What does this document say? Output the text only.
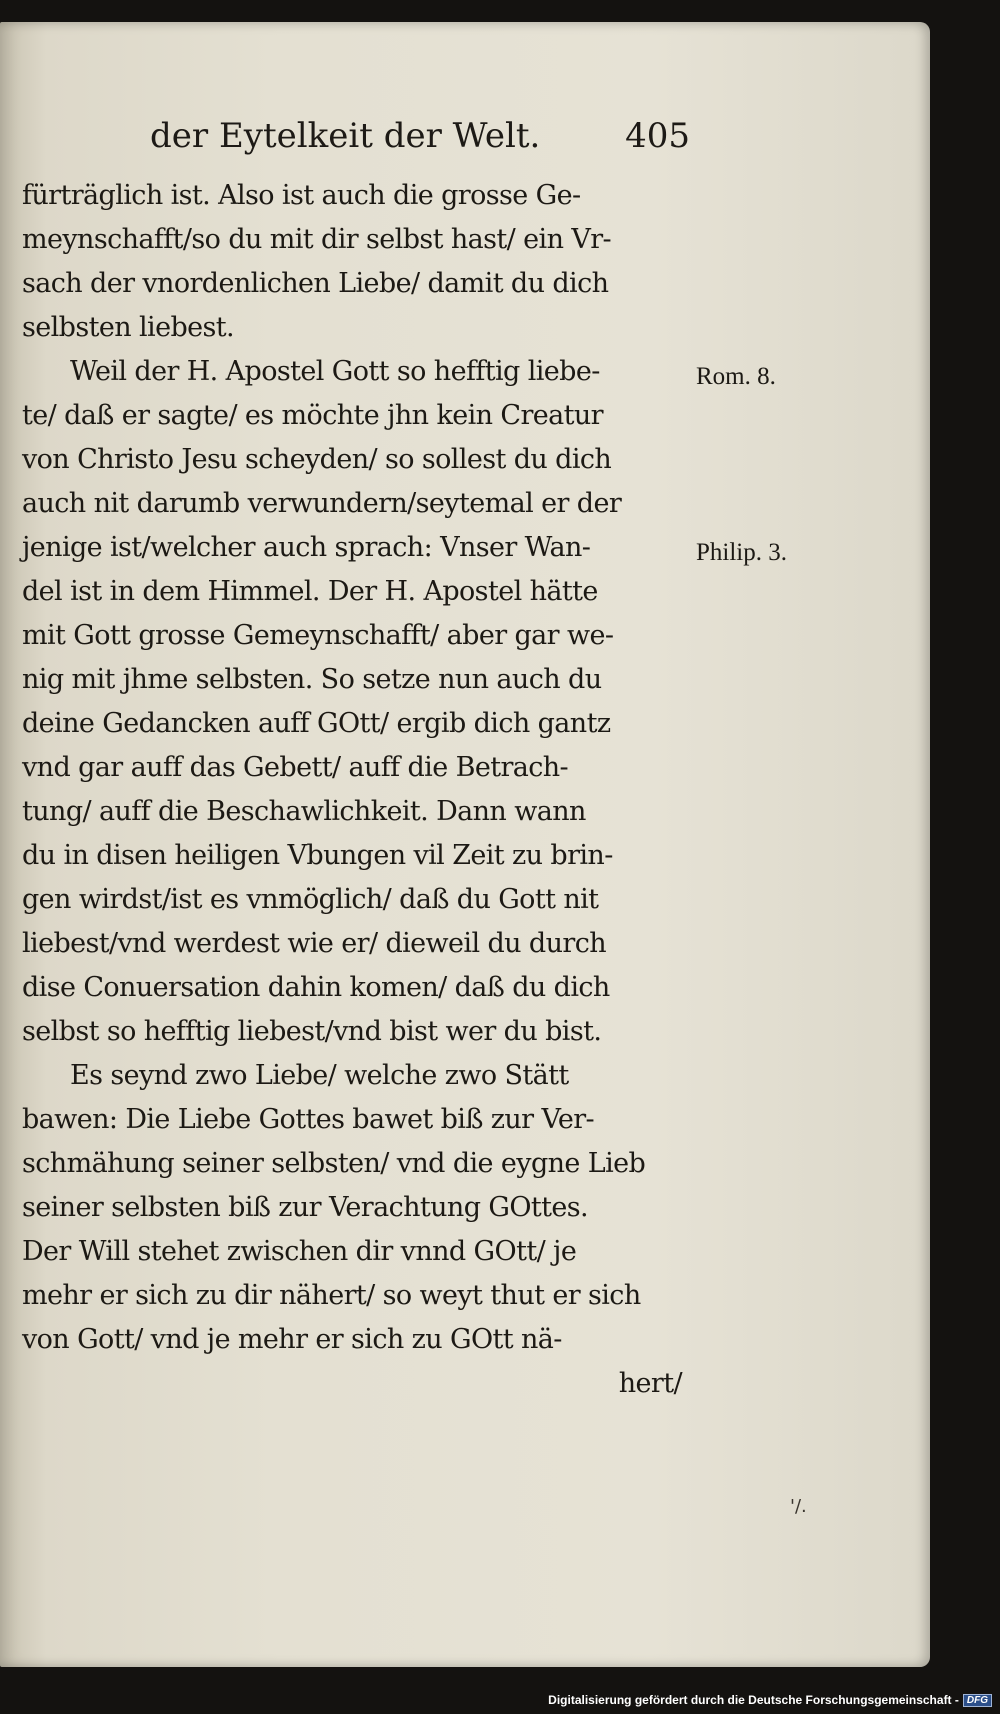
der Eytelkeit der Welt. 405
fürträglich ist. Also ist auch die grosse Ge-
meynschafft/so du mit dir selbst hast/ ein Vr-
sach der vnordenlichen Liebe/ damit du dich
selbsten liebest.
Weil der H. Apostel Gott so hefftig liebe-
te/ daß er sagte/ es möchte jhn kein Creatur
von Christo Jesu scheyden/ so sollest du dich
auch nit darumb verwundern/seytemal er der
jenige ist/welcher auch sprach: Vnser Wan-
del ist in dem Himmel. Der H. Apostel hätte
mit Gott grosse Gemeynschafft/ aber gar we-
nig mit jhme selbsten. So setze nun auch du
deine Gedancken auff GOtt/ ergib dich gantz
vnd gar auff das Gebett/ auff die Betrach-
tung/ auff die Beschawlichkeit. Dann wann
du in disen heiligen Vbungen vil Zeit zu brin-
gen wirdst/ist es vnmöglich/ daß du Gott nit
liebest/vnd werdest wie er/ dieweil du durch
dise Conuersation dahin komen/ daß du dich
selbst so hefftig liebest/vnd bist wer du bist.
Es seynd zwo Liebe/ welche zwo Stätt
bawen: Die Liebe Gottes bawet biß zur Ver-
schmähung seiner selbsten/ vnd die eygne Lieb
seiner selbsten biß zur Verachtung GOttes.
Der Will stehet zwischen dir vnnd GOtt/ je
mehr er sich zu dir nähert/ so weyt thut er sich
von Gott/ vnd je mehr er sich zu GOtt nä-
hert/
Rom. 8.
Philip. 3.
'/.
Digitalisierung gefördert durch die Deutsche Forschungsgemeinschaft - DFG
